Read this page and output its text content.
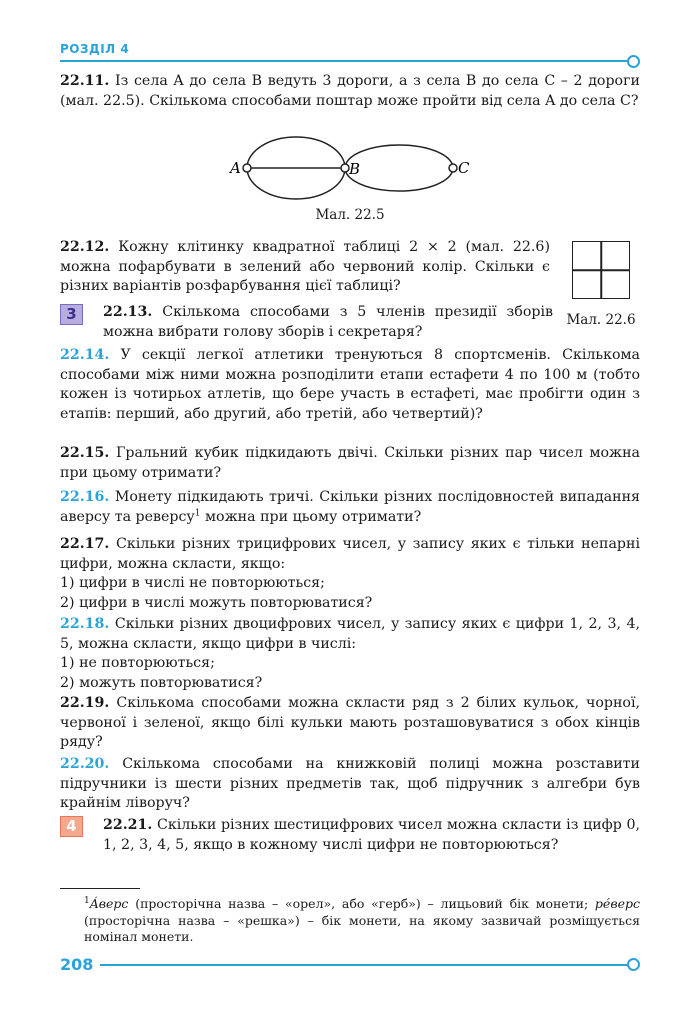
РОЗДІЛ 4
22.11. Із села A до села B ведуть 3 дороги, а з села B до села C – 2 дороги (мал. 22.5). Скількома способами поштар може пройти від села A до села C?
A	B	C
Мал. 22.5
22.12. Кожну клітинку квадратної таблиці 2 × 2 (мал. 22.6) можна пофарбувати в зелений або червоний колір. Скільки є різних варіантів розфарбування цієї таблиці?
Мал. 22.6
3	22.13. Скількома способами з 5 членів президії зборів можна вибрати голову зборів і секретаря?
22.14. У секції легкої атлетики тренуються 8 спортсменів. Скількома способами між ними можна розподілити етапи естафети 4 по 100 м (тобто кожен із чотирьох атлетів, що бере участь в естафеті, має пробігти один з етапів: перший, або другий, або третій, або четвертий)?
22.15. Гральний кубик підкидають двічі. Скільки різних пар чисел можна при цьому отримати?
22.16. Монету підкидають тричі. Скільки різних послідовностей випадання аверсу та реверсу$^1$ можна при цьому отримати?
22.17. Скільки різних трицифрових чисел, у запису яких є тільки непарні цифри, можна скласти, якщо:
1) цифри в числі не повторюються;
2) цифри в числі можуть повторюватися?
22.18. Скільки різних двоцифрових чисел, у запису яких є цифри 1, 2, 3, 4, 5, можна скласти, якщо цифри в числі:
1) не повторюються;
2) можуть повторюватися?
22.19. Скількома способами можна скласти ряд з 2 білих кульок, чорної, червоної і зеленої, якщо білі кульки мають розташовуватися з обох кінців ряду?
22.20. Скількома способами на книжковій полиці можна розставити підручники із шести різних предметів так, щоб підручник з алгебри був крайнім ліворуч?
4	22.21. Скільки різних шестицифрових чисел можна скласти із цифр 0, 1, 2, 3, 4, 5, якщо в кожному числі цифри не повторюються?
$^1$Áверс (просторічна назва – «орел», або «герб») – лицьовий бік монети; рéверс (просторічна назва – «решка») – бік монети, на якому зазвичай розміщується номінал монети.
208
